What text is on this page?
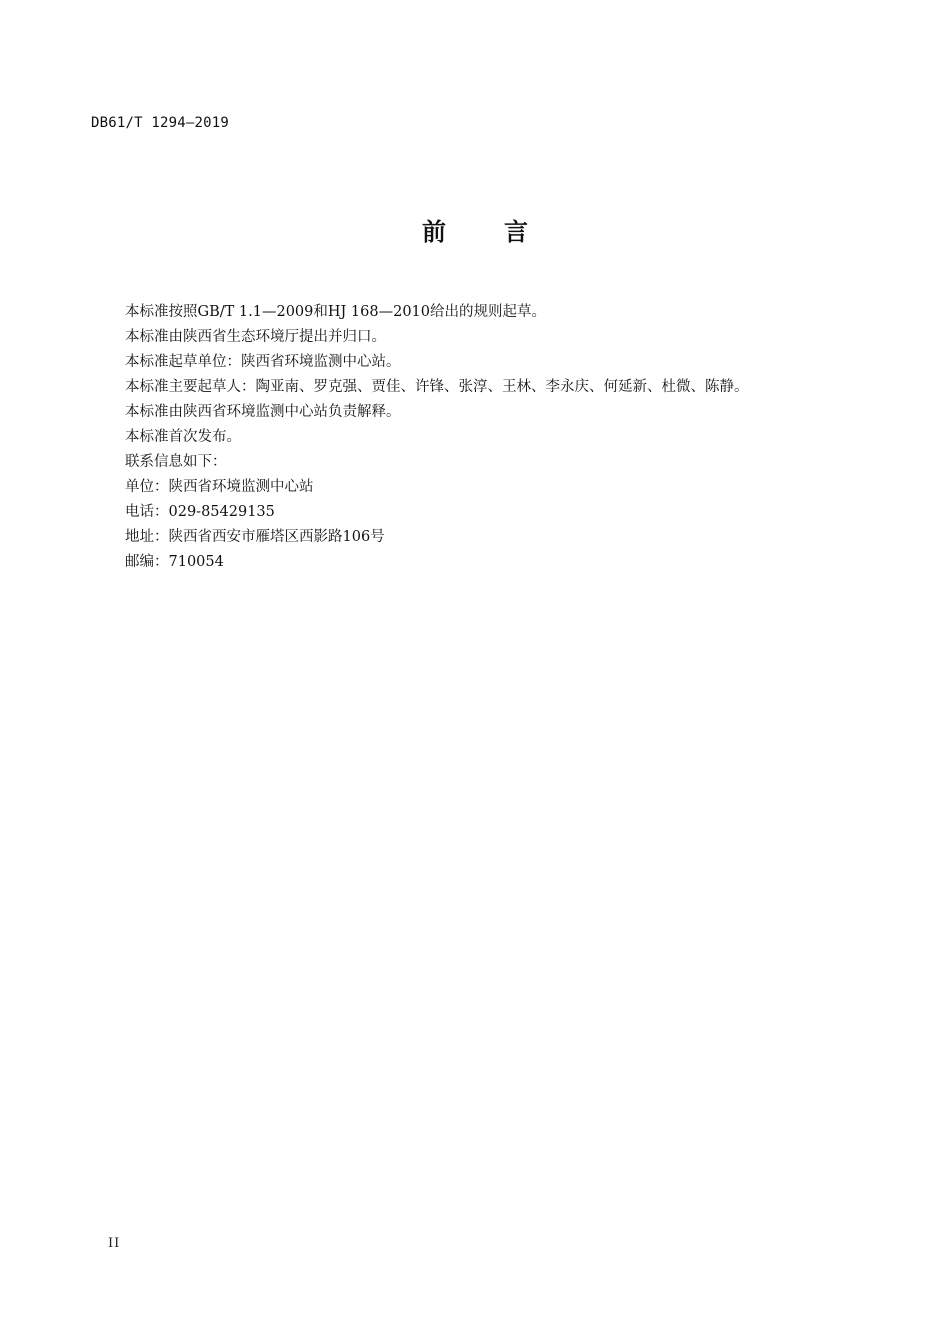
DB61/T 1294—2019
前 言
本标准按照GB/T 1.1—2009和HJ 168—2010给出的规则起草。
本标准由陕西省生态环境厅提出并归口。
本标准起草单位：陕西省环境监测中心站。
本标准主要起草人：陶亚南、罗克强、贾佳、许锋、张淳、王林、李永庆、何延新、杜微、陈静。
本标准由陕西省环境监测中心站负责解释。
本标准首次发布。
联系信息如下：
单位：陕西省环境监测中心站
电话：029-85429135
地址：陕西省西安市雁塔区西影路106号
邮编：710054
II
